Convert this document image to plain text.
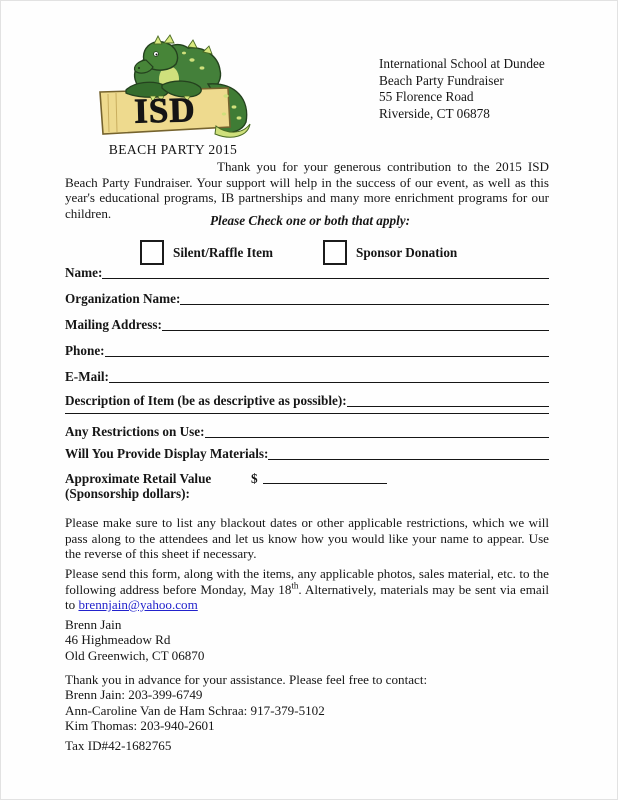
ISD
BEACH PARTY 2015
International School at Dundee
Beach Party Fundraiser
55 Florence Road
Riverside, CT 06878
Thank you for your generous contribution to the 2015 ISD Beach Party Fundraiser. Your support will help in the success of our event, as well as this year's educational programs, IB partnerships and many more enrichment programs for our children.	Please Check one or both that apply:
Silent/Raffle Item	Sponsor Donation
Name:
Organization Name:
Mailing Address:
Phone:
E-Mail:
Description of Item (be as descriptive as possible):
Any Restrictions on Use:
Will You Provide Display Materials:
Approximate Retail Value
(Sponsorship dollars):
$
Please make sure to list any blackout dates or other applicable restrictions, which we will pass along to the attendees and let us know how you would like your name to appear. Use the reverse of this sheet if necessary.
Please send this form, along with the items, any applicable photos, sales material, etc. to the following address before Monday, May 18th. Alternatively, materials may be sent via email to brennjain@yahoo.com
Brenn Jain
46 Highmeadow Rd
Old Greenwich, CT 06870
Thank you in advance for your assistance. Please feel free to contact:
Brenn Jain: 203-399-6749
Ann-Caroline Van de Ham Schraa: 917-379-5102
Kim Thomas: 203-940-2601
Tax ID#42-1682765
